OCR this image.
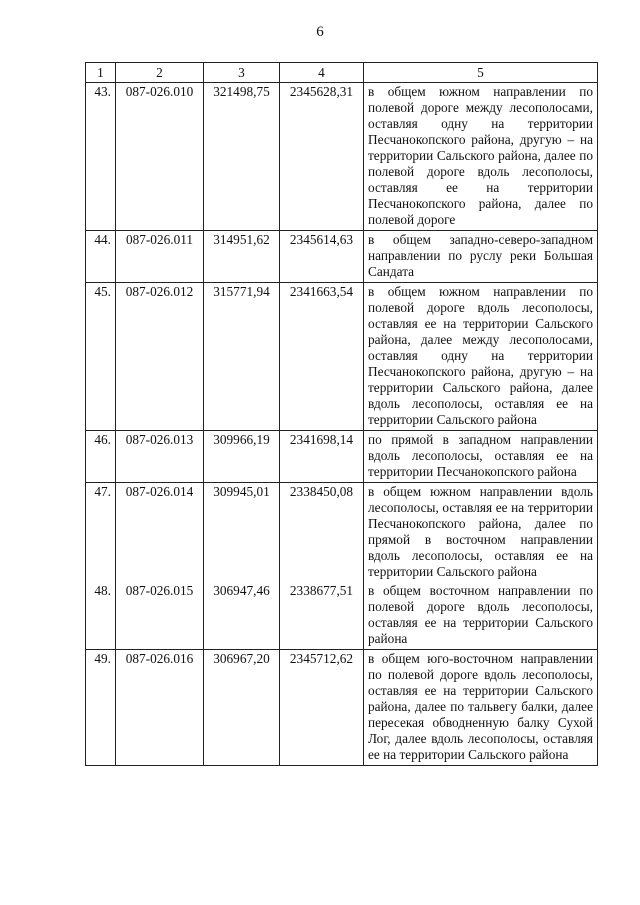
6
1	2	3	4	5
43.	087-026.010	321498,75	2345628,31	в общем южном направлении по полевой дороге между лесополосами, оставляя одну на территории Песчанокопского района, другую – на территории Сальского района, далее по полевой дороге вдоль лесополосы, оставляя ее на территории Песчанокопского района, далее по полевой дороге
44.	087-026.011	314951,62	2345614,63	в общем западно-северо-западном направлении по руслу реки Большая Сандата
45.	087-026.012	315771,94	2341663,54	в общем южном направлении по полевой дороге вдоль лесополосы, оставляя ее на территории Сальского района, далее между лесополосами, оставляя одну на территории Песчанокопского района, другую – на территории Сальского района, далее вдоль лесополосы, оставляя ее на территории Сальского района
46.	087-026.013	309966,19	2341698,14	по прямой в западном направлении вдоль лесополосы, оставляя ее на территории Песчанокопского района
47.	087-026.014	309945,01	2338450,08	в общем южном направлении вдоль лесополосы, оставляя ее на территории Песчанокопского района, далее по прямой в восточном направлении вдоль лесополосы, оставляя ее на территории Сальского района
48.	087-026.015	306947,46	2338677,51	в общем восточном направлении по полевой дороге вдоль лесополосы, оставляя ее на территории Сальского района
49.	087-026.016	306967,20	2345712,62	в общем юго-восточном направлении по полевой дороге вдоль лесополосы, оставляя ее на территории Сальского района, далее по тальвегу балки, далее пересекая обводненную балку Сухой Лог, далее вдоль лесополосы, оставляя ее на территории Сальского района
